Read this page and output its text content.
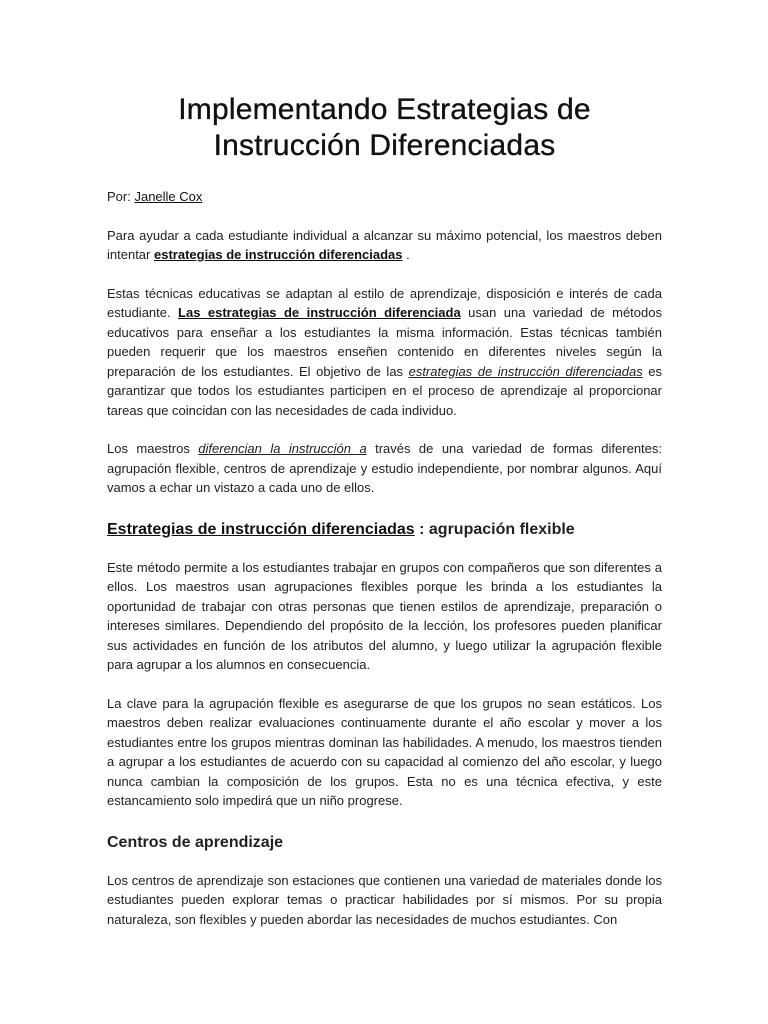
Implementando Estrategias de
Instrucción Diferenciadas

Por: Janelle Cox

Para ayudar a cada estudiante individual a alcanzar su máximo potencial, los maestros deben intentar estrategias de instrucción diferenciadas .

Estas técnicas educativas se adaptan al estilo de aprendizaje, disposición e interés de cada estudiante. Las estrategias de instrucción diferenciada usan una variedad de métodos educativos para enseñar a los estudiantes la misma información. Estas técnicas también pueden requerir que los maestros enseñen contenido en diferentes niveles según la preparación de los estudiantes. El objetivo de las estrategias de instrucción diferenciadas es garantizar que todos los estudiantes participen en el proceso de aprendizaje al proporcionar tareas que coincidan con las necesidades de cada individuo.

Los maestros diferencian la instrucción a través de una variedad de formas diferentes: agrupación flexible, centros de aprendizaje y estudio independiente, por nombrar algunos. Aquí vamos a echar un vistazo a cada uno de ellos.

Estrategias de instrucción diferenciadas : agrupación flexible

Este método permite a los estudiantes trabajar en grupos con compañeros que son diferentes a ellos. Los maestros usan agrupaciones flexibles porque les brinda a los estudiantes la oportunidad de trabajar con otras personas que tienen estilos de aprendizaje, preparación o intereses similares. Dependiendo del propósito de la lección, los profesores pueden planificar sus actividades en función de los atributos del alumno, y luego utilizar la agrupación flexible para agrupar a los alumnos en consecuencia.

La clave para la agrupación flexible es asegurarse de que los grupos no sean estáticos. Los maestros deben realizar evaluaciones continuamente durante el año escolar y mover a los estudiantes entre los grupos mientras dominan las habilidades. A menudo, los maestros tienden a agrupar a los estudiantes de acuerdo con su capacidad al comienzo del año escolar, y luego nunca cambian la composición de los grupos. Esta no es una técnica efectiva, y este estancamiento solo impedirá que un niño progrese.

Centros de aprendizaje

Los centros de aprendizaje son estaciones que contienen una variedad de materiales donde los estudiantes pueden explorar temas o practicar habilidades por sí mismos. Por su propia naturaleza, son flexibles y pueden abordar las necesidades de muchos estudiantes. Con
